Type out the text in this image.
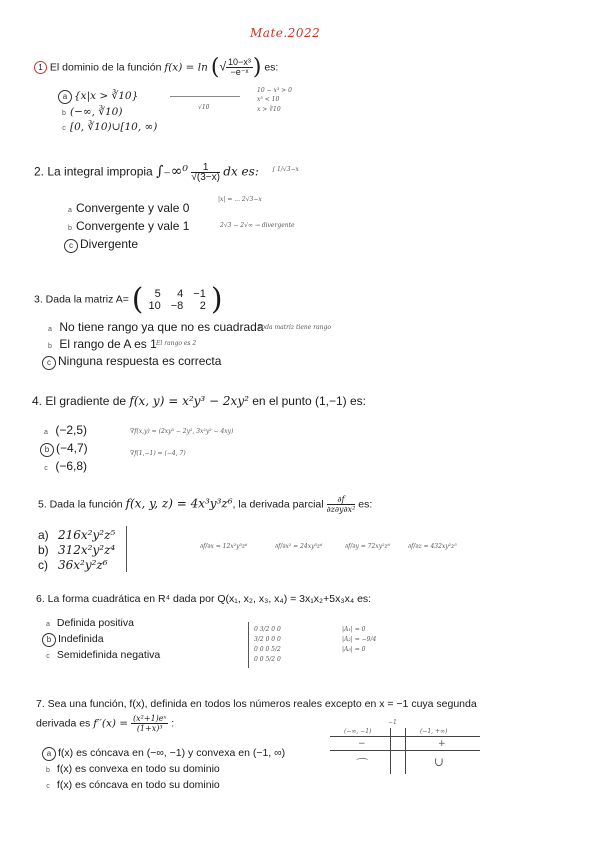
Mate.2022
1 El dominio de la función f(x) = ln (√ $\frac{\text{10−x³}}{\text{−e⁻ˣ}}$ ) es:
a {x|x > ∛10}
b (−∞, ∛10)
c [0, ∛10)∪[10, ∞)
10 − x³ > 0
x³ < 10
x > ∛10
√10
2. La integral impropia $\int_-\infty^0 \frac{1}{√(3-x)}$ dx es: ∫ 1/√3−x
a Convergente y vale 0
b Convergente y vale 1
c Divergente
|x| = ... 2√3−x
2√3 − 2√∞ → divergente
3. Dada la matriz A= ( 5	4	−1
10	−8	2 )
a No tiene rango ya que no es cuadrada
b El rango de A es 1
c Ninguna respuesta es correcta
Toda matriz tiene rango
El rango es 2
4. El gradiente de f(x, y) = x²y³ − 2xy² en el punto (1,−1) es:
a (−2,5)
b (−4,7)
c (−6,8)
∇f(x,y) = (2xy³ − 2y², 3x²y² − 4xy)
∇f(1,−1) = (−4, 7)
5. Dada la función f(x, y, z) = 4x³y³z⁶, la derivada parcial $\frac{\partial f}{\text{∂z∂y∂x²}}$ es:
a) 216x²y²z⁵
b) 312x²y²z⁴
c) 36x²y²z⁶
∂f/∂x = 12x²y³z⁶	∂f/∂x² = 24xy³z⁶	∂f/∂y = 72xy²z⁶	∂f/∂z = 432xy²z⁵
6. La forma cuadrática en R⁴ dada por Q(x₁, x₂, x₃, x₄) = 3x₁x₂+5x₃x₄ es:
a Definida positiva
b Indefinida
c Semidefinida negativa
0 3/2 0 0
3/2 0 0 0
0 0 0 5/2
0 0 5/2 0
|A₁| = 0
|A₂| = −9/4
|A₃| = 0
7. Sea una función, f(x), definida en todos los números reales excepto en x = −1 cuya segunda
derivada es $f''(x) = \frac{\text{(x²+1)eˣ}}{\text{(1+x)³}}$ :
a f(x) es cóncava en (−∞, −1) y convexa en (−1, ∞)
b f(x) es convexa en todo su dominio
c f(x) es cóncava en todo su dominio
−1
(−∞, −1)	(−1, +∞)
−	+
⌒	∪
